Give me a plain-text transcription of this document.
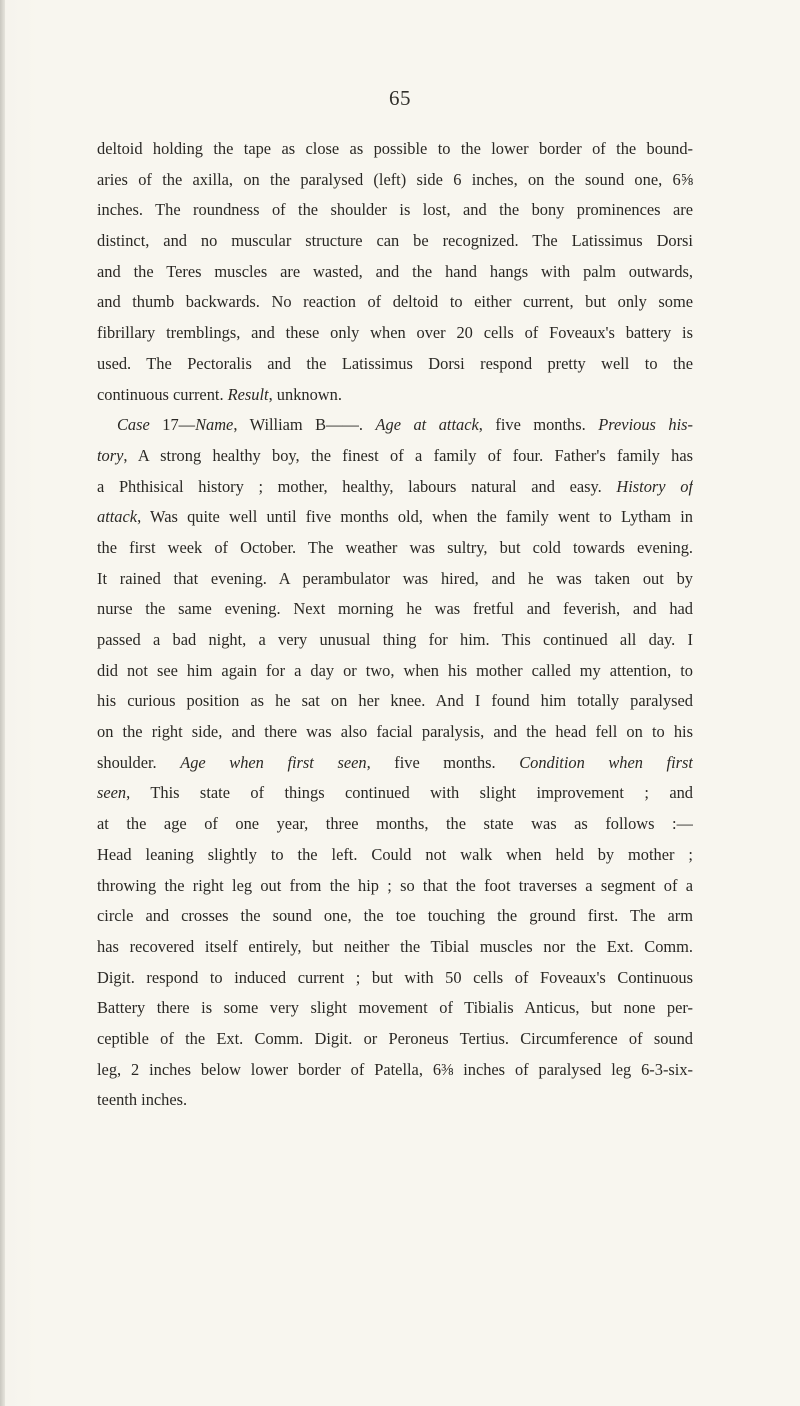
65
deltoid holding the tape as close as possible to the lower border of the bound-
aries of the axilla, on the paralysed (left) side 6 inches, on the sound one, 6⅝
inches. The roundness of the shoulder is lost, and the bony prominences are
distinct, and no muscular structure can be recognized. The Latissimus Dorsi
and the Teres muscles are wasted, and the hand hangs with palm outwards,
and thumb backwards. No reaction of deltoid to either current, but only some
fibrillary tremblings, and these only when over 20 cells of Foveaux's battery is
used. The Pectoralis and the Latissimus Dorsi respond pretty well to the
continuous current. Result, unknown.
Case 17—Name, William B——. Age at attack, five months. Previous his-
tory, A strong healthy boy, the finest of a family of four. Father's family has
a Phthisical history ; mother, healthy, labours natural and easy. History of
attack, Was quite well until five months old, when the family went to Lytham in
the first week of October. The weather was sultry, but cold towards evening.
It rained that evening. A perambulator was hired, and he was taken out by
nurse the same evening. Next morning he was fretful and feverish, and had
passed a bad night, a very unusual thing for him. This continued all day. I
did not see him again for a day or two, when his mother called my attention, to
his curious position as he sat on her knee. And I found him totally paralysed
on the right side, and there was also facial paralysis, and the head fell on to his
shoulder. Age when first seen, five months. Condition when first
seen, This state of things continued with slight improvement ; and
at the age of one year, three months, the state was as follows :—
Head leaning slightly to the left. Could not walk when held by mother ;
throwing the right leg out from the hip ; so that the foot traverses a segment of a
circle and crosses the sound one, the toe touching the ground first. The arm
has recovered itself entirely, but neither the Tibial muscles nor the Ext. Comm.
Digit. respond to induced current ; but with 50 cells of Foveaux's Continuous
Battery there is some very slight movement of Tibialis Anticus, but none per-
ceptible of the Ext. Comm. Digit. or Peroneus Tertius. Circumference of sound
leg, 2 inches below lower border of Patella, 6⅜ inches of paralysed leg 6-3-six-
teenth inches.
